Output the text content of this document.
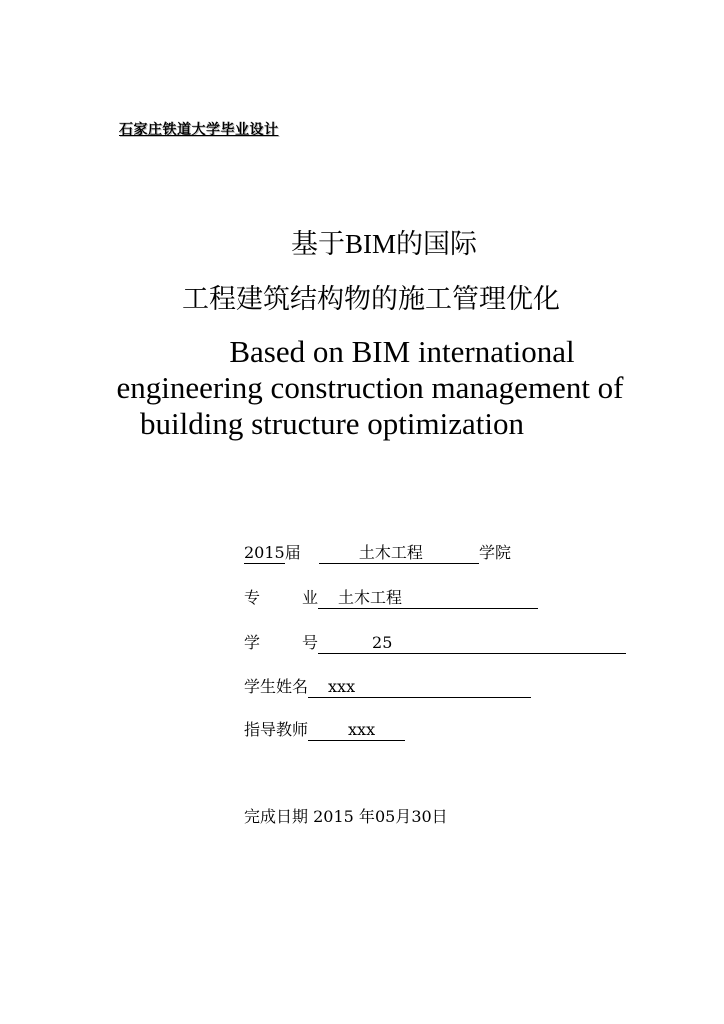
石家庄铁道大学毕业设计
基于BIM的国际
工程建筑结构物的施工管理优化
Based on BIM international
engineering construction management of
building structure optimization
2015届	土木工程	学院
专	业 土木工程
学	号	25
学生姓名 xxx
指导教师	xxx
完成日期 2015 年05月30日
